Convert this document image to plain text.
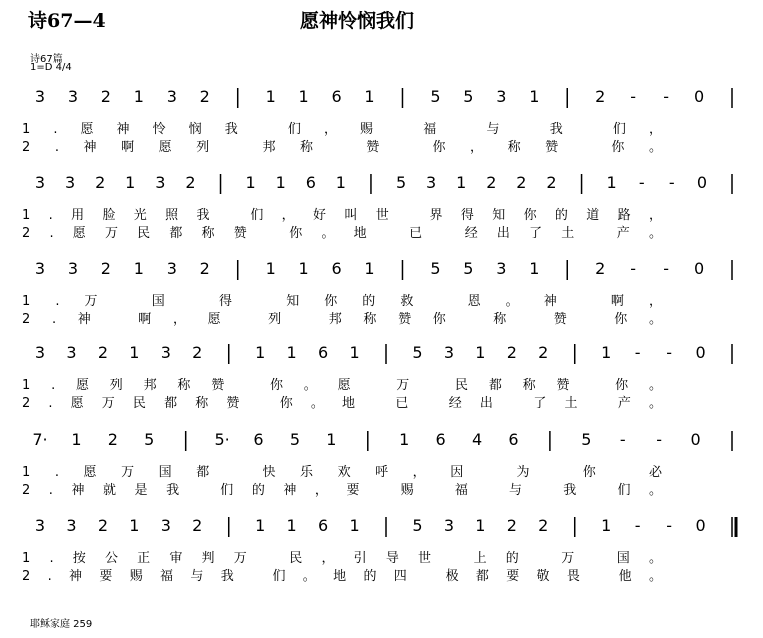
诗67—4	愿神怜悯我们
诗67篇
1=D 4/4
3 3 2 1 3 2	1 1 6 1	5 5 3 1	2 - - 0
1.愿神怜悯我 们，赐 福 与 我 们，
2.神啊愿列 邦称 赞 你，称赞 你。
3 3 2 1 3 2	1 1 6 1	5 3 1 2 2 2	1 - - 0
1.用脸光照我 们，好叫世 界得知你的道路，
2.愿万民都称赞 你。地 已 经出了土 产。
3 3 2 1 3 2	1 1 6 1	5 5 3 1	2 - - 0
1.万 国 得 知你的救 恩。神 啊，
2.神 啊，愿 列 邦称赞你 称 赞 你。
3 3 2 1 3 2	1 1 6 1	5 3 1 2 2	1 - - 0
1.愿列邦称赞 你。愿 万 民都称赞 你。
2.愿万民都称赞 你。地 已 经出 了土 产。
7· 1 2 5	5· 6 5 1	1 6 4 6	5 - - 0
1.愿万国都 快乐欢呼，因 为 你 必
2.神就是我 们的神，要 赐 福 与 我 们。
3 3 2 1 3 2	1 1 6 1	5 3 1 2 2	1 - - 0
1.按公正审判万 民，引导世 上的 万 国。
2.神要赐福与我 们。地的四 极都要敬畏 他。
耶稣家庭 259
